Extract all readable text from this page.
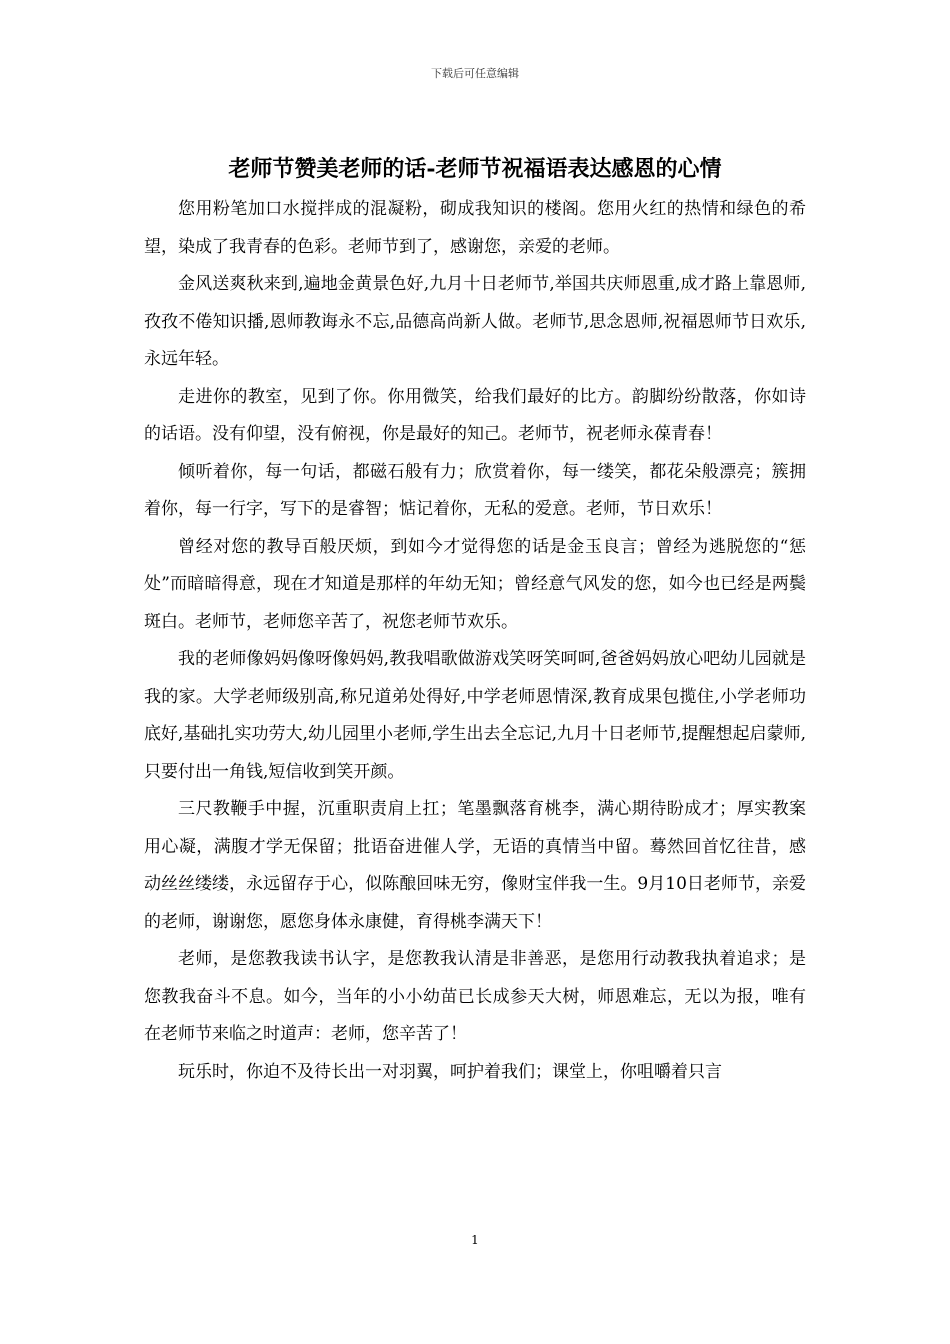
下载后可任意编辑
老师节赞美老师的话-老师节祝福语表达感恩的心情

您用粉笔加口水搅拌成的混凝粉，砌成我知识的楼阁。您用火红的热情和绿色的希望，染成了我青春的色彩。老师节到了，感谢您，亲爱的老师。

金风送爽秋来到,遍地金黄景色好,九月十日老师节,举国共庆师恩重,成才路上靠恩师,孜孜不倦知识播,恩师教诲永不忘,品德高尚新人做。老师节,思念恩师,祝福恩师节日欢乐,永远年轻。

走进你的教室，见到了你。你用微笑，给我们最好的比方。韵脚纷纷散落，你如诗的话语。没有仰望，没有俯视，你是最好的知己。老师节，祝老师永葆青春！

倾听着你，每一句话，都磁石般有力；欣赏着你，每一缕笑，都花朵般漂亮；簇拥着你，每一行字，写下的是睿智；惦记着你，无私的爱意。老师，节日欢乐！

曾经对您的教导百般厌烦，到如今才觉得您的话是金玉良言；曾经为逃脱您的“惩处”而暗暗得意，现在才知道是那样的年幼无知；曾经意气风发的您，如今也已经是两鬓斑白。老师节，老师您辛苦了，祝您老师节欢乐。

我的老师像妈妈像呀像妈妈,教我唱歌做游戏笑呀笑呵呵,爸爸妈妈放心吧幼儿园就是我的家。大学老师级别高,称兄道弟处得好,中学老师恩情深,教育成果包揽住,小学老师功底好,基础扎实功劳大,幼儿园里小老师,学生出去全忘记,九月十日老师节,提醒想起启蒙师,只要付出一角钱,短信收到笑开颜。

三尺教鞭手中握，沉重职责肩上扛；笔墨飘落育桃李，满心期待盼成才；厚实教案用心凝，满腹才学无保留；批语奋进催人学，无语的真情当中留。蓦然回首忆往昔，感动丝丝缕缕，永远留存于心，似陈酿回味无穷，像财宝伴我一生。9月10日老师节，亲爱的老师，谢谢您，愿您身体永康健，育得桃李满天下！

老师，是您教我读书认字，是您教我认清是非善恶，是您用行动教我执着追求；是您教我奋斗不息。如今，当年的小小幼苗已长成参天大树，师恩难忘，无以为报，唯有在老师节来临之时道声：老师，您辛苦了！

玩乐时，你迫不及待长出一对羽翼，呵护着我们；课堂上，你咀嚼着只言

1
